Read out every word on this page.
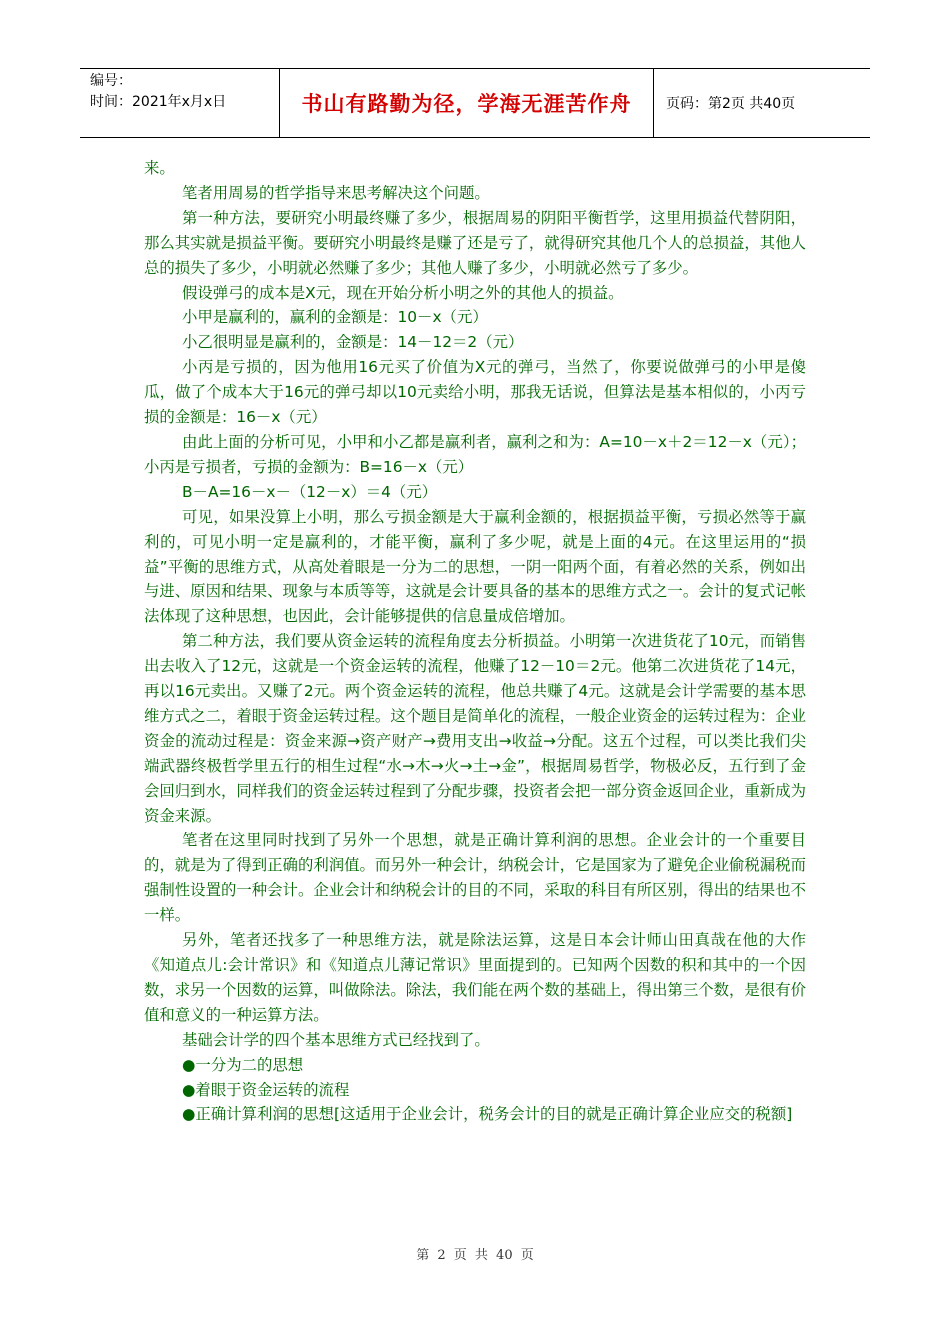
编号：
时间：2021年x月x日	书山有路勤为径，学海无涯苦作舟	页码：第2页 共40页

来。

笔者用周易的哲学指导来思考解决这个问题。

第一种方法，要研究小明最终赚了多少，根据周易的阴阳平衡哲学，这里用损益代替阴阳，那么其实就是损益平衡。要研究小明最终是赚了还是亏了，就得研究其他几个人的总损益，其他人总的损失了多少，小明就必然赚了多少；其他人赚了多少，小明就必然亏了多少。

假设弹弓的成本是X元，现在开始分析小明之外的其他人的损益。

小甲是赢利的，赢利的金额是：10－x（元）

小乙很明显是赢利的，金额是：14－12＝2（元）

小丙是亏损的，因为他用16元买了价值为X元的弹弓，当然了，你要说做弹弓的小甲是傻瓜，做了个成本大于16元的弹弓却以10元卖给小明，那我无话说，但算法是基本相似的，小丙亏损的金额是：16－x（元）

由此上面的分析可见，小甲和小乙都是赢利者，赢利之和为：A=10－x＋2＝12－x（元）；小丙是亏损者，亏损的金额为：B=16－x（元）

B－A=16－x－（12－x）＝4（元）

可见，如果没算上小明，那么亏损金额是大于赢利金额的，根据损益平衡，亏损必然等于赢利的，可见小明一定是赢利的，才能平衡，赢利了多少呢，就是上面的4元。在这里运用的“损益”平衡的思维方式，从高处着眼是一分为二的思想，一阴一阳两个面，有着必然的关系，例如出与进、原因和结果、现象与本质等等，这就是会计要具备的基本的思维方式之一。会计的复式记帐法体现了这种思想，也因此，会计能够提供的信息量成倍增加。

第二种方法，我们要从资金运转的流程角度去分析损益。小明第一次进货花了10元，而销售出去收入了12元，这就是一个资金运转的流程，他赚了12－10＝2元。他第二次进货花了14元，再以16元卖出。又赚了2元。两个资金运转的流程，他总共赚了4元。这就是会计学需要的基本思维方式之二，着眼于资金运转过程。这个题目是简单化的流程，一般企业资金的运转过程为：企业资金的流动过程是：资金来源→资产财产→费用支出→收益→分配。这五个过程，可以类比我们尖端武器终极哲学里五行的相生过程“水→木→火→土→金”，根据周易哲学，物极必反，五行到了金会回归到水，同样我们的资金运转过程到了分配步骤，投资者会把一部分资金返回企业，重新成为资金来源。

笔者在这里同时找到了另外一个思想，就是正确计算利润的思想。企业会计的一个重要目的，就是为了得到正确的利润值。而另外一种会计，纳税会计，它是国家为了避免企业偷税漏税而强制性设置的一种会计。企业会计和纳税会计的目的不同，采取的科目有所区别，得出的结果也不一样。

另外，笔者还找多了一种思维方法，就是除法运算，这是日本会计师山田真哉在他的大作《知道点儿:会计常识》和《知道点儿薄记常识》里面提到的。已知两个因数的积和其中的一个因数，求另一个因数的运算，叫做除法。除法，我们能在两个数的基础上，得出第三个数，是很有价值和意义的一种运算方法。

基础会计学的四个基本思维方式已经找到了。

●一分为二的思想

●着眼于资金运转的流程

●正确计算利润的思想[这适用于企业会计，税务会计的目的就是正确计算企业应交的税额]

第 2 页 共 40 页
